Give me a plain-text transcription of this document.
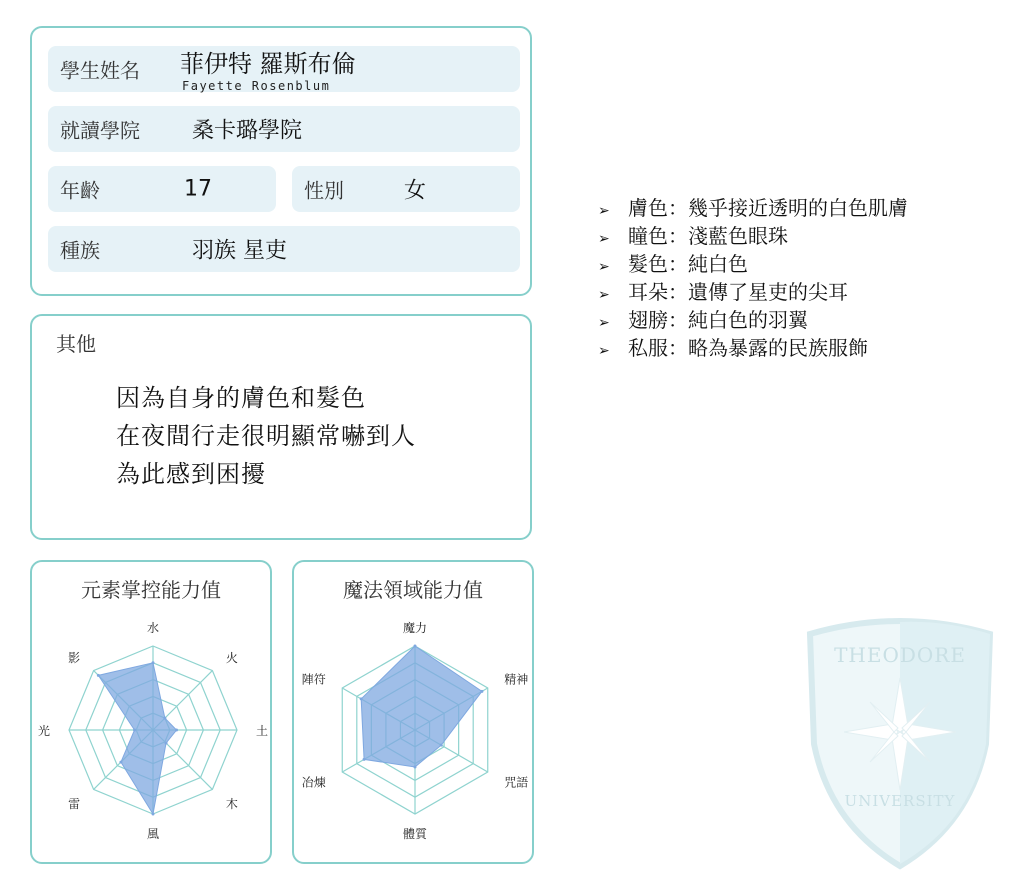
學生姓名 菲伊特 羅斯布倫
Fayette Rosenblum
就讀學院 桑卡璐學院
年齡	17	性別	女
種族	羽族 星吏
其他
因為自身的膚色和髮色
在夜間行走很明顯常嚇到人
為此感到困擾
元素掌控能力值
水
火
土
木
風
雷
光
影
魔法領域能力值
魔力
精神
咒語
體質
冶煉
陣符
➢ 膚色：幾乎接近透明的白色肌膚
➢ 瞳色：淺藍色眼珠
➢ 髮色：純白色
➢ 耳朵：遺傳了星吏的尖耳
➢ 翅膀：純白色的羽翼
➢ 私服：略為暴露的民族服飾
THEODORE
UNIVERSITY
